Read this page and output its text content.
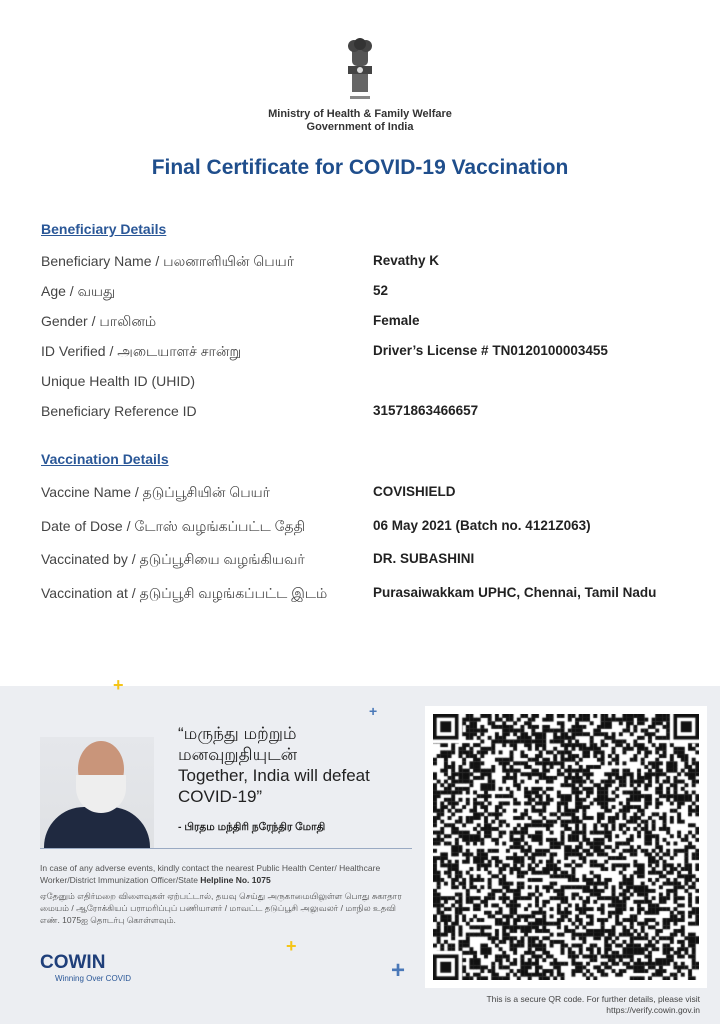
Ministry of Health & Family Welfare
Government of India
Final Certificate for COVID-19 Vaccination
Beneficiary Details
Beneficiary Name / பலனாளியின் பெயர்	Revathy K
Age / வயது	52
Gender / பாலினம்	Female
ID Verified / அடையாளச் சான்று	Driver’s License # TN0120100003455
Unique Health ID (UHID)
Beneficiary Reference ID	31571863466657
Vaccination Details
Vaccine Name / தடுப்பூசியின் பெயர்	COVISHIELD
Date of Dose / டோஸ் வழங்கப்பட்ட தேதி	06 May 2021 (Batch no. 4121Z063)
Vaccinated by / தடுப்பூசியை வழங்கியவர்	DR. SUBASHINI
Vaccination at / தடுப்பூசி வழங்கப்பட்ட இடம்	Purasaiwakkam UPHC, Chennai, Tamil Nadu
+
+
+
+
“மருந்து மற்றும் மனவுறுதியுடன்
Together, India will defeat COVID-19”
- பிரதம மந்திரி நரேந்திர மோதி
In case of any adverse events, kindly contact the nearest Public Health Center/ Healthcare Worker/District Immunization Officer/State Helpline No. 1075
ஏதேனும் எதிர்மறை விளைவுகள் ஏற்பட்டால், தயவு செய்து அருகாமையிலுள்ள பொது சுகாதார மையம் / ஆரோக்கியப் பராமரிப்புப் பணியாளர் / மாவட்ட தடுப்பூசி அலுவலர் / மாநில உதவி எண். 1075ஐ தொடர்பு கொள்ளவும்.
COWIN
Winning Over COVID
This is a secure QR code. For further details, please visit
https://verify.cowin.gov.in
